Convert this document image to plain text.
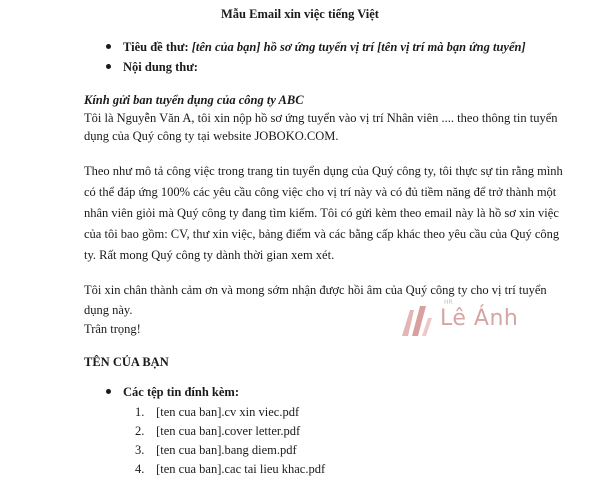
Mẫu Email xin việc tiếng Việt
Tiêu đề thư: [tên của bạn] hồ sơ ứng tuyển vị trí [tên vị trí mà bạn ứng tuyển]
Nội dung thư:
Kính gửi ban tuyển dụng của công ty ABC
Tôi là Nguyễn Văn A, tôi xin nộp hồ sơ ứng tuyển vào vị trí Nhân viên .... theo thông tin tuyển
dụng của Quý công ty tại website JOBOKO.COM.
Theo như mô tả công việc trong trang tin tuyển dụng của Quý công ty, tôi thực sự tin rằng mình
có thể đáp ứng 100% các yêu cầu công việc cho vị trí này và có đủ tiềm năng để trở thành một
nhân viên giỏi mà Quý công ty đang tìm kiếm. Tôi có gửi kèm theo email này là hồ sơ xin việc
của tôi bao gồm: CV, thư xin việc, bảng điểm và các bằng cấp khác theo yêu cầu của Quý công
ty. Rất mong Quý công ty dành thời gian xem xét.
Tôi xin chân thành cảm ơn và mong sớm nhận được hồi âm của Quý công ty cho vị trí tuyển
dụng này.
Trân trọng!
TÊN CỦA BẠN
Các tệp tin đính kèm:
1. [ten cua ban].cv xin viec.pdf
2. [ten cua ban].cover letter.pdf
3. [ten cua ban].bang diem.pdf
4. [ten cua ban].cac tai lieu khac.pdf
HR
Lê Ánh
